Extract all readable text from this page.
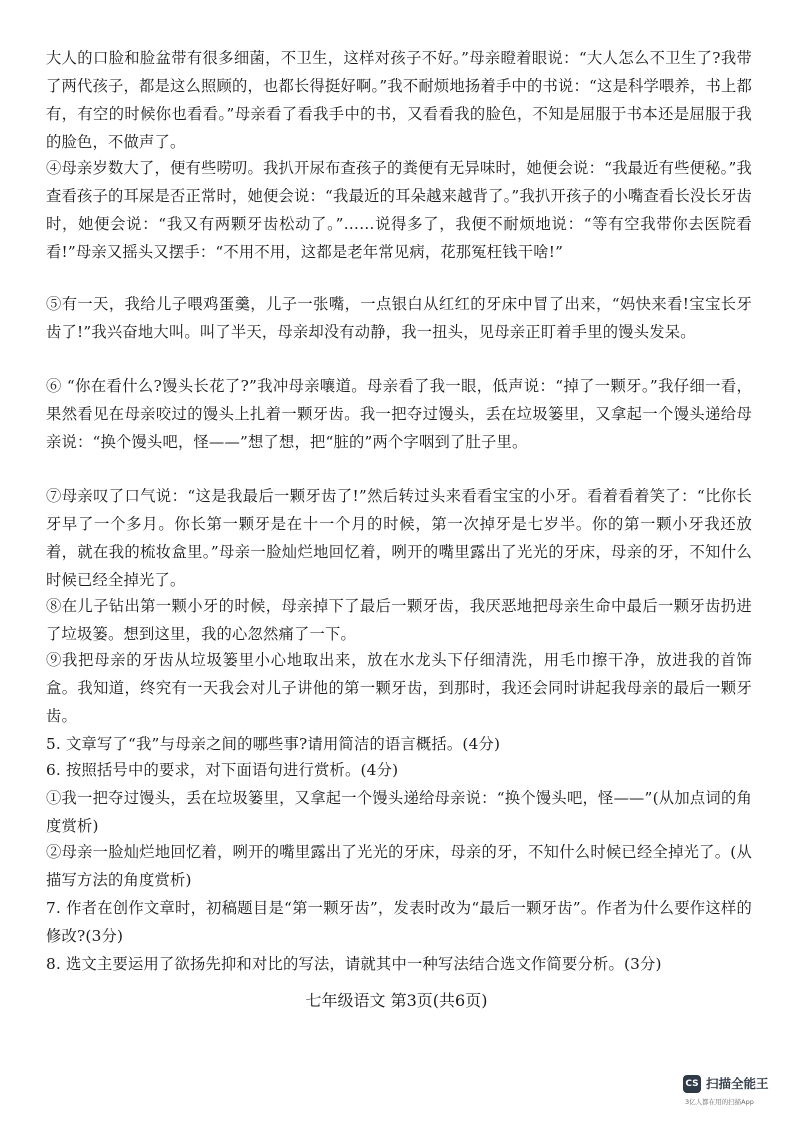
大人的口脸和脸盆带有很多细菌，不卫生，这样对孩子不好。”母亲瞪着眼说：“大人怎么不卫生了?我带了两代孩子，都是这么照顾的，也都长得挺好啊。”我不耐烦地扬着手中的书说：“这是科学喂养，书上都有，有空的时候你也看看。”母亲看了看我手中的书，又看看我的脸色，不知是屈服于书本还是屈服于我的脸色，不做声了。

④母亲岁数大了，便有些唠叨。我扒开尿布查孩子的粪便有无异味时，她便会说：“我最近有些便秘。”我查看孩子的耳屎是否正常时，她便会说：“我最近的耳朵越来越背了。”我扒开孩子的小嘴查看长没长牙齿时，她便会说：“我又有两颗牙齿松动了。”……说得多了，我便不耐烦地说：“等有空我带你去医院看看!”母亲又摇头又摆手：“不用不用，这都是老年常见病，花那冤枉钱干啥!”

⑤有一天，我给儿子喂鸡蛋羹，儿子一张嘴，一点银白从红红的牙床中冒了出来，“妈快来看!宝宝长牙齿了!”我兴奋地大叫。叫了半天，母亲却没有动静，我一扭头，见母亲正盯着手里的馒头发呆。

⑥ “你在看什么?馒头长花了?”我冲母亲嚷道。母亲看了我一眼，低声说：“掉了一颗牙。”我仔细一看，果然看见在母亲咬过的馒头上扎着一颗牙齿。我一把夺过馒头，丢在垃圾篓里，又拿起一个馒头递给母亲说：“换个馒头吧，怪——”想了想，把“脏的”两个字咽到了肚子里。

⑦母亲叹了口气说：“这是我最后一颗牙齿了!”然后转过头来看看宝宝的小牙。看着看着笑了：“比你长牙早了一个多月。你长第一颗牙是在十一个月的时候，第一次掉牙是七岁半。你的第一颗小牙我还放着，就在我的梳妆盒里。”母亲一脸灿烂地回忆着，咧开的嘴里露出了光光的牙床，母亲的牙，不知什么时候已经全掉光了。

⑧在儿子钻出第一颗小牙的时候，母亲掉下了最后一颗牙齿，我厌恶地把母亲生命中最后一颗牙齿扔进了垃圾篓。想到这里，我的心忽然痛了一下。

⑨我把母亲的牙齿从垃圾篓里小心地取出来，放在水龙头下仔细清洗，用毛巾擦干净，放进我的首饰盒。我知道，终究有一天我会对儿子讲他的第一颗牙齿，到那时，我还会同时讲起我母亲的最后一颗牙齿。

5. 文章写了“我”与母亲之间的哪些事?请用简洁的语言概括。(4分)

6. 按照括号中的要求，对下面语句进行赏析。(4分)

①我一把夺过馒头，丢在垃圾篓里，又拿起一个馒头递给母亲说：“换个馒头吧，怪——”(从加点词的角度赏析)

②母亲一脸灿烂地回忆着，咧开的嘴里露出了光光的牙床，母亲的牙，不知什么时候已经全掉光了。(从描写方法的角度赏析)

7. 作者在创作文章时，初稿题目是“第一颗牙齿”，发表时改为“最后一颗牙齿”。作者为什么要作这样的修改?(3分)

8. 选文主要运用了欲扬先抑和对比的写法，请就其中一种写法结合选文作简要分析。(3分)

七年级语文 第3页(共6页)
CS 扫描全能王
3亿人都在用的扫描App
